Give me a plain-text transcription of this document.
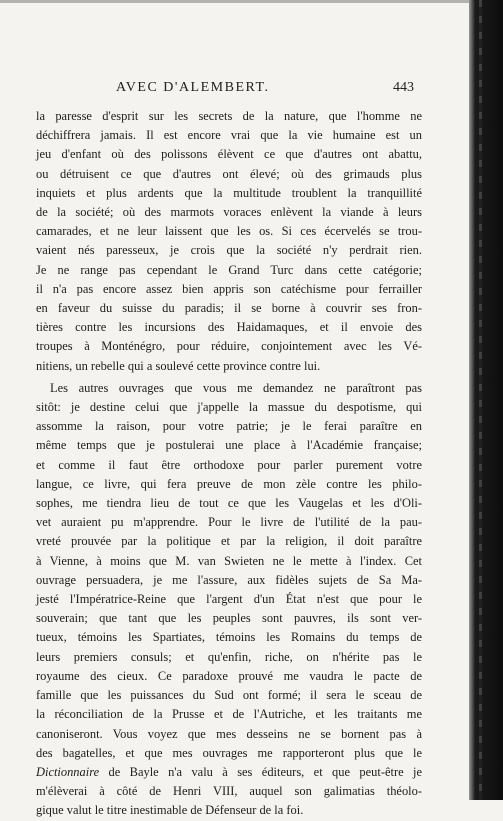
AVEC D'ALEMBERT.	443
la paresse d'esprit sur les secrets de la nature, que l'homme ne
déchiffrera jamais. Il est encore vrai que la vie humaine est un
jeu d'enfant où des polissons élèvent ce que d'autres ont abattu,
ou détruisent ce que d'autres ont élevé; où des grimauds plus
inquiets et plus ardents que la multitude troublent la tranquillité
de la société; où des marmots voraces enlèvent la viande à leurs
camarades, et ne leur laissent que les os. Si ces écervelés se trou-
vaient nés paresseux, je crois que la société n'y perdrait rien.
Je ne range pas cependant le Grand Turc dans cette catégorie;
il n'a pas encore assez bien appris son catéchisme pour ferrailler
en faveur du suisse du paradis; il se borne à couvrir ses fron-
tières contre les incursions des Haidamaques, et il envoie des
troupes à Monténégro, pour réduire, conjointement avec les Vé-
nitiens, un rebelle qui a soulevé cette province contre lui.
Les autres ouvrages que vous me demandez ne paraîtront pas
sitôt: je destine celui que j'appelle la massue du despotisme, qui
assomme la raison, pour votre patrie; je le ferai paraître en
même temps que je postulerai une place à l'Académie française;
et comme il faut être orthodoxe pour parler purement votre
langue, ce livre, qui fera preuve de mon zèle contre les philo-
sophes, me tiendra lieu de tout ce que les Vaugelas et les d'Oli-
vet auraient pu m'apprendre. Pour le livre de l'utilité de la pau-
vreté prouvée par la politique et par la religion, il doit paraître
à Vienne, à moins que M. van Swieten ne le mette à l'index. Cet
ouvrage persuadera, je me l'assure, aux fidèles sujets de Sa Ma-
jesté l'Impératrice-Reine que l'argent d'un État n'est que pour le
souverain; que tant que les peuples sont pauvres, ils sont ver-
tueux, témoins les Spartiates, témoins les Romains du temps de
leurs premiers consuls; et qu'enfin, riche, on n'hérite pas le
royaume des cieux. Ce paradoxe prouvé me vaudra le pacte de
famille que les puissances du Sud ont formé; il sera le sceau de
la réconciliation de la Prusse et de l'Autriche, et les traitants me
canoniseront. Vous voyez que mes desseins ne se bornent pas à
des bagatelles, et que mes ouvrages me rapporteront plus que le
Dictionnaire de Bayle n'a valu à ses éditeurs, et que peut-être je
m'élèverai à côté de Henri VIII, auquel son galimatias théolo-
gique valut le titre inestimable de Défenseur de la foi.
